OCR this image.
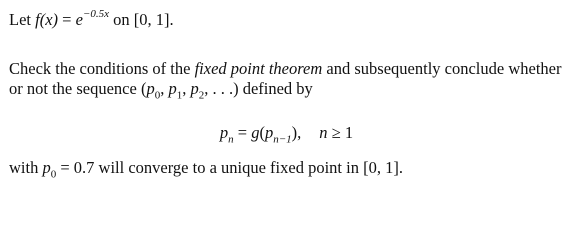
Let $f(x) = e^{-0.5x}$ on [0, 1].
Check the conditions of the fixed point theorem and subsequently conclude whether or not the sequence ($p_0$, $p_1$, $p_2$, . . .) defined by
$p_n = g(p_{n-1})$, n ≥ 1
with $p_0 = 0.7$ will converge to a unique fixed point in [0, 1].
